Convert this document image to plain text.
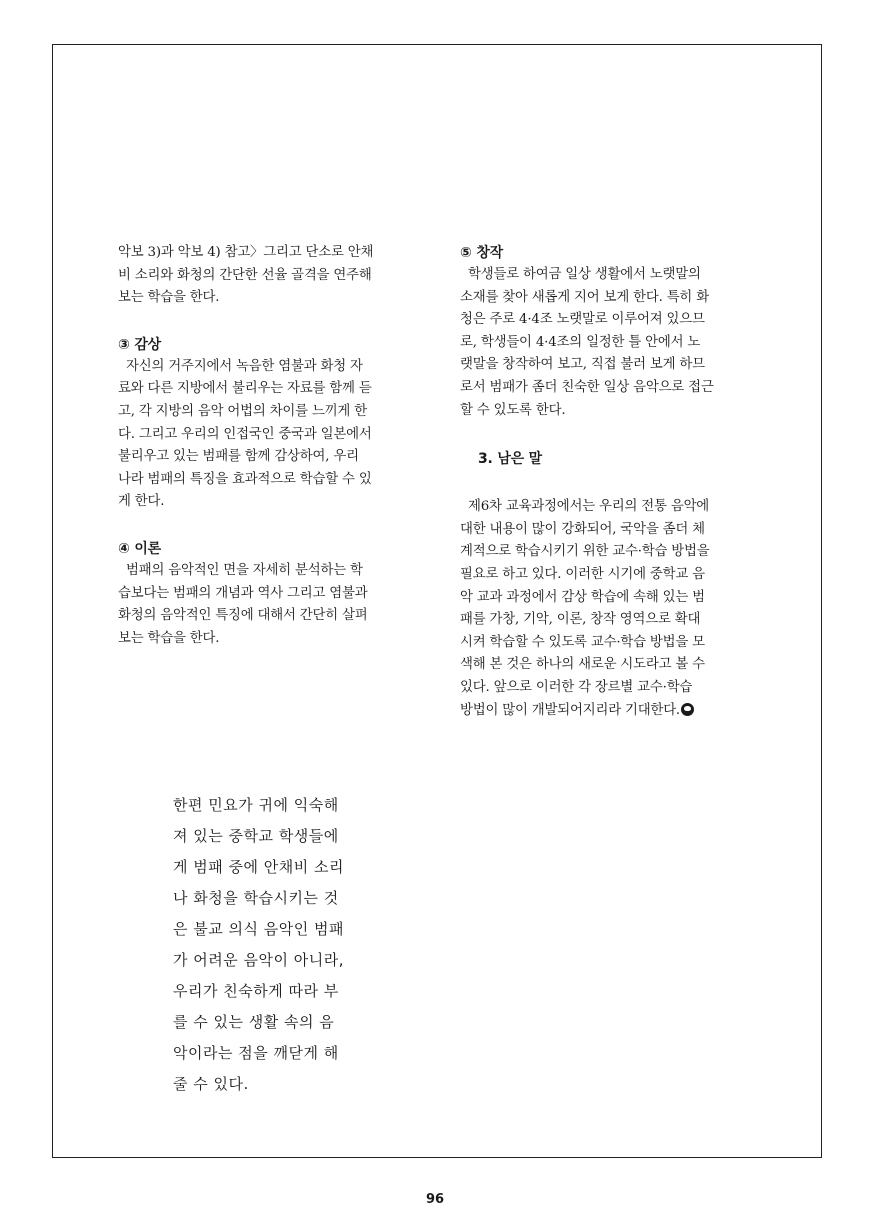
악보 3)과 악보 4) 참고〉그리고 단소로 안채
비 소리와 화청의 간단한 선율 골격을 연주해
보는 학습을 한다.

③ 감상

자신의 거주지에서 녹음한 염불과 화청 자
료와 다른 지방에서 불리우는 자료를 함께 듣
고, 각 지방의 음악 어법의 차이를 느끼게 한
다. 그리고 우리의 인접국인 중국과 일본에서
불리우고 있는 범패를 함께 감상하여, 우리
나라 범패의 특징을 효과적으로 학습할 수 있
게 한다.

④ 이론

범패의 음악적인 면을 자세히 분석하는 학
습보다는 범패의 개념과 역사 그리고 염불과
화청의 음악적인 특징에 대해서 간단히 살펴
보는 학습을 한다.

한편 민요가 귀에 익숙해
져 있는 중학교 학생들에
게 범패 중에 안채비 소리
나 화청을 학습시키는 것
은 불교 의식 음악인 범패
가 어려운 음악이 아니라,
우리가 친숙하게 따라 부
를 수 있는 생활 속의 음
악이라는 점을 깨닫게 해
줄 수 있다.
⑤ 창작

학생들로 하여금 일상 생활에서 노랫말의
소재를 찾아 새롭게 지어 보게 한다. 특히 화
청은 주로 4·4조 노랫말로 이루어져 있으므
로, 학생들이 4·4조의 일정한 틀 안에서 노
랫말을 창작하여 보고, 직접 불러 보게 하므
로서 범패가 좀더 친숙한 일상 음악으로 접근
할 수 있도록 한다.

3. 남은 말

제6차 교육과정에서는 우리의 전통 음악에
대한 내용이 많이 강화되어, 국악을 좀더 체
계적으로 학습시키기 위한 교수·학습 방법을
필요로 하고 있다. 이러한 시기에 중학교 음
악 교과 과정에서 감상 학습에 속해 있는 범
패를 가창, 기악, 이론, 창작 영역으로 확대
시켜 학습할 수 있도록 교수·학습 방법을 모
색해 본 것은 하나의 새로운 시도라고 볼 수
있다. 앞으로 이러한 각 장르별 교수·학습
방법이 많이 개발되어지리라 기대한다.

96
